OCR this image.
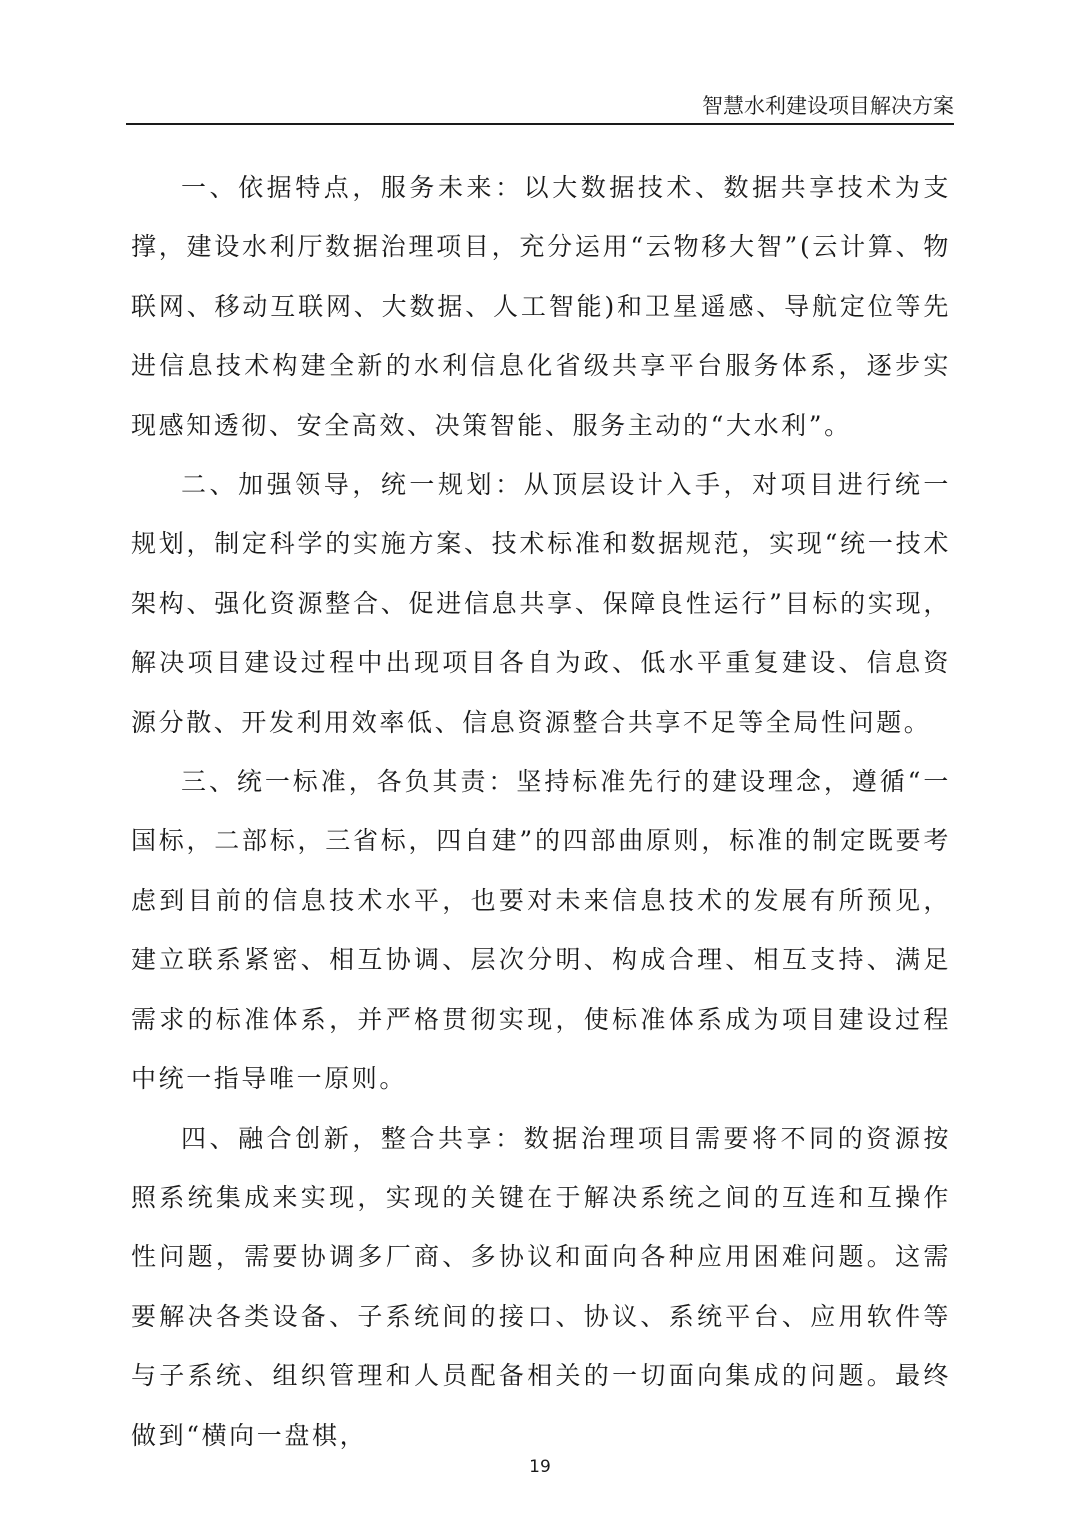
智慧水利建设项目解决方案

一、依据特点，服务未来：以大数据技术、数据共享技术为支撑，建设水利厅数据治理项目，充分运用“云物移大智”(云计算、物联网、移动互联网、大数据、人工智能)和卫星遥感、导航定位等先进信息技术构建全新的水利信息化省级共享平台服务体系，逐步实现感知透彻、安全高效、决策智能、服务主动的“大水利”。

二、加强领导，统一规划：从顶层设计入手，对项目进行统一规划，制定科学的实施方案、技术标准和数据规范，实现“统一技术架构、强化资源整合、促进信息共享、保障良性运行”目标的实现，解决项目建设过程中出现项目各自为政、低水平重复建设、信息资源分散、开发利用效率低、信息资源整合共享不足等全局性问题。

三、统一标准，各负其责：坚持标准先行的建设理念，遵循“一国标，二部标，三省标，四自建”的四部曲原则，标准的制定既要考虑到目前的信息技术水平，也要对未来信息技术的发展有所预见，建立联系紧密、相互协调、层次分明、构成合理、相互支持、满足需求的标准体系，并严格贯彻实现，使标准体系成为项目建设过程中统一指导唯一原则。

四、融合创新，整合共享：数据治理项目需要将不同的资源按照系统集成来实现，实现的关键在于解决系统之间的互连和互操作性问题，需要协调多厂商、多协议和面向各种应用困难问题。这需要解决各类设备、子系统间的接口、协议、系统平台、应用软件等与子系统、组织管理和人员配备相关的一切面向集成的问题。最终做到“横向一盘棋，

19
